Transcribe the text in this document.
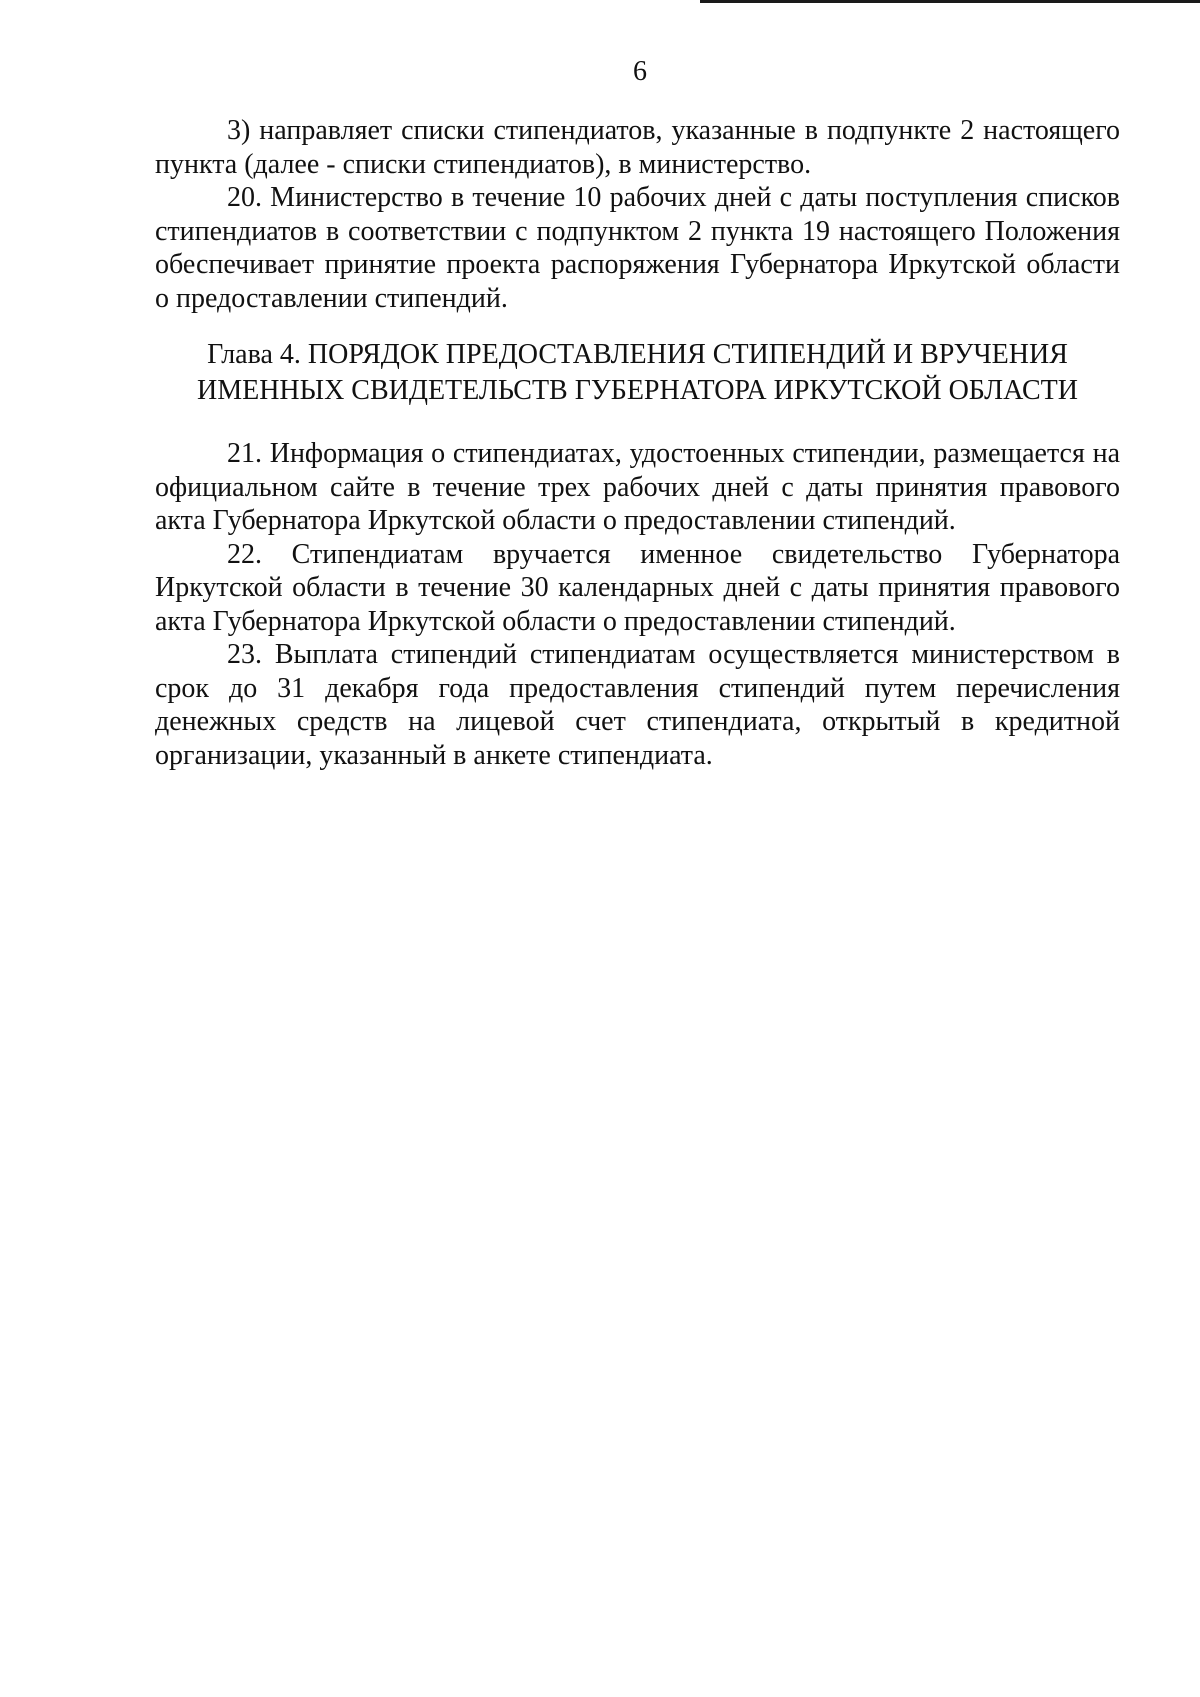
6

3) направляет списки стипендиатов, указанные в подпункте 2 настоящего пункта (далее - списки стипендиатов), в министерство.

20. Министерство в течение 10 рабочих дней с даты поступления списков стипендиатов в соответствии с подпунктом 2 пункта 19 настоящего Положения обеспечивает принятие проекта распоряжения Губернатора Иркутской области о предоставлении стипендий.

Глава 4. ПОРЯДОК ПРЕДОСТАВЛЕНИЯ СТИПЕНДИЙ И ВРУЧЕНИЯ
ИМЕННЫХ СВИДЕТЕЛЬСТВ ГУБЕРНАТОРА ИРКУТСКОЙ ОБЛАСТИ

21. Информация о стипендиатах, удостоенных стипендии, размещается на официальном сайте в течение трех рабочих дней с даты принятия правового акта Губернатора Иркутской области о предоставлении стипендий.

22. Стипендиатам вручается именное свидетельство Губернатора Иркутской области в течение 30 календарных дней с даты принятия правового акта Губернатора Иркутской области о предоставлении стипендий.

23. Выплата стипендий стипендиатам осуществляется министерством в срок до 31 декабря года предоставления стипендий путем перечисления денежных средств на лицевой счет стипендиата, открытый в кредитной организации, указанный в анкете стипендиата.
